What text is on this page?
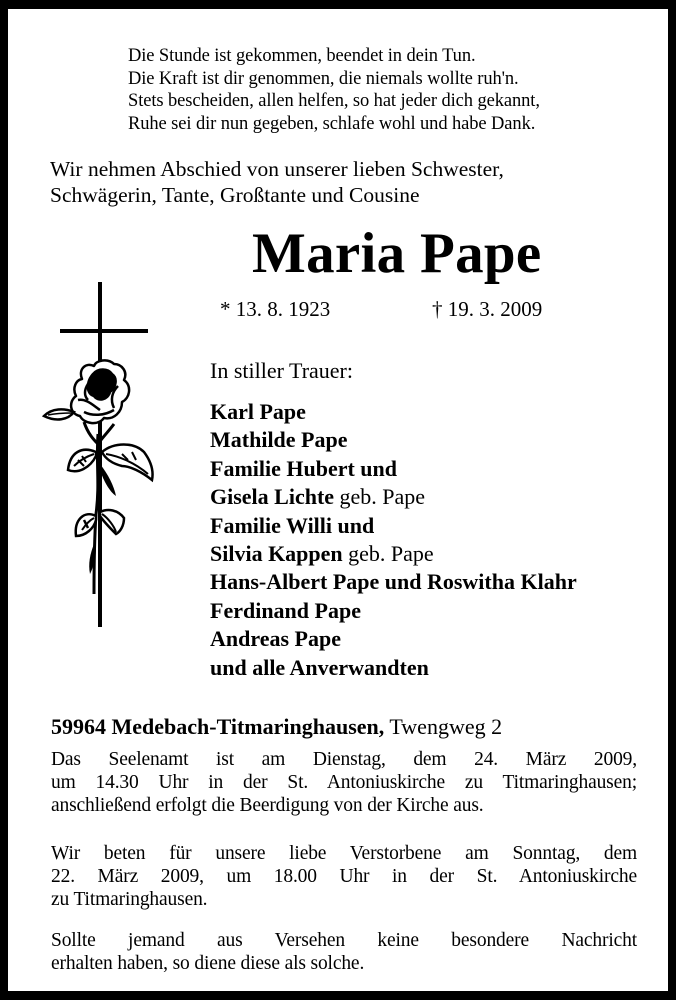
Die Stunde ist gekommen, beendet in dein Tun.
Die Kraft ist dir genommen, die niemals wollte ruh'n.
Stets bescheiden, allen helfen, so hat jeder dich gekannt,
Ruhe sei dir nun gegeben, schlafe wohl und habe Dank.
Wir nehmen Abschied von unserer lieben Schwester,
Schwägerin, Tante, Großtante und Cousine
Maria Pape
* 13. 8. 1923	† 19. 3. 2009
In stiller Trauer:
Karl Pape
Mathilde Pape
Familie Hubert und
Gisela Lichte geb. Pape
Familie Willi und
Silvia Kappen geb. Pape
Hans-Albert Pape und Roswitha Klahr
Ferdinand Pape
Andreas Pape
und alle Anverwandten
59964 Medebach-Titmaringhausen, Twengweg 2
Das Seelenamt ist am Dienstag, dem 24. März 2009,
um 14.30 Uhr in der St. Antoniuskirche zu Titmaringhausen;
anschließend erfolgt die Beerdigung von der Kirche aus.
Wir beten für unsere liebe Verstorbene am Sonntag, dem
22. März 2009, um 18.00 Uhr in der St. Antoniuskirche
zu Titmaringhausen.
Sollte jemand aus Versehen keine besondere Nachricht
erhalten haben, so diene diese als solche.
